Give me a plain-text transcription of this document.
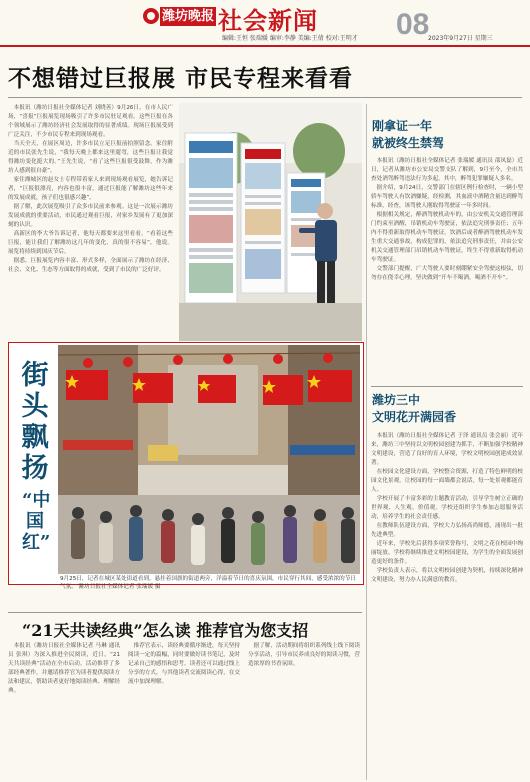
潍坊晚报 社会新闻	08
编辑:王恒 张瑞媛 编审:李静 美编:王倩 校对:王明才	2023年9月27日 星期三
不想错过巨报展 市民专程来看看

本报讯（潍坊日报社全媒体记者 刘晓善）9月26日，在市人民广场，“喜报”巨报展览现场吸引了许多市民驻足观看。这些巨报在各个领域展示了潍坊经济社会发展取得的显著成绩。现场巨报展受到广泛关注，不少市民专程来到现场观看。

当天全天，在展区周边，许多市民立足巨报前拍照留念。家住附近的市民张先生说，“我每天晚上都来这里遛弯，这些巨报让我觉得潍坊变化挺大的。”王先生说，“看了这些巨报很受鼓舞，作为潍坊人感到很自豪”。

家住潍城区的赵女士专程带着家人来到现场观看展览，她告诉记者，“巨报很漂亮，内容也很丰富，通过巨报能了解潍坊这些年来的发展成就，孩子们也很感兴趣”。

据了解，此次展览吸引了众多市民前来参观。这是一次展示潍坊发展成就的重要活动，市民通过观看巨报，对家乡发展有了更加深刻的认识。

高新区的李大爷告诉记者，他每天都要来这里看看。“看着这些巨报，能让我们了解潍坊这几年的变化，真的很不容易”，他说。展览将持续到国庆节后。

据悉，巨报展览内容丰富、形式多样，全面展示了潍坊在经济、社会、文化、生态等方面取得的成就，受到了市民的广泛好评。

刚拿证一年
就被终生禁驾

本报讯（潍坊日报社全媒体记者 张瑞媛 通讯员 邵凤磊）近日，记者从潍坊市公安局交警支队了解到，9月至今，全市共查处酒驾醉驾违法行为多起，其中，醉驾犯罪嫌疑人多名。

据介绍，9月24日，交警部门在辖区例行检查时，一辆小型轿车驾驶人有饮酒嫌疑，经检测，其血液中酒精含量达到醉驾标准。经查，该驾驶人刚取得驾驶证一年多时间。

根据相关规定，醉酒驾驶机动车的，由公安机关交通管理部门约束至酒醒，吊销机动车驾驶证，依法追究刑事责任；五年内不得重新取得机动车驾驶证。饮酒后或者醉酒驾驶机动车发生重大交通事故，构成犯罪的，依法追究刑事责任，并由公安机关交通管理部门吊销机动车驾驶证，终生不得重新取得机动车驾驶证。

交警部门提醒，广大驾驶人要时刻绷紧安全驾驶这根弦，切勿存在侥幸心理，坚决做到“开车不喝酒，喝酒不开车”。

潍坊三中
文明花开满园香

本报讯（潍坊日报社全媒体记者 于泽 通讯员 张会丽）近年来，潍坊三中坚持以文明校园创建为抓手，不断加强学校精神文明建设，营造了良好的育人环境，学校文明校园创建成效显著。

在校园文化建设方面，学校整合资源，打造了特色鲜明的校园文化景观，让校园的每一面墙都会说话，每一处景观都能育人。

学校开展了丰富多彩的主题教育活动，引导学生树立正确的世界观、人生观、价值观。学校还组织学生参加志愿服务活动，培养学生的社会责任感。

在教师队伍建设方面，学校大力弘扬高尚师德，涌现出一批先进典型。

近年来，学校先后获得多项荣誉称号，文明之花在校园中绚丽绽放。学校将继续推进文明校园建设，为学生的全面发展创造更好的条件。

学校负责人表示，将以文明校园创建为契机，持续深化精神文明建设，努力办人民满意的教育。

街
头
飘
扬
“中国红”
9月25日，记者在城区某处街道看到，悬挂着国旗的街道两旁，洋溢着节日的喜庆氛围，市民穿行其间，感受浓浓的节日气氛。 潍坊日报社全媒体记者 张瑞媛 摄
“21天共读经典”怎么读 推荐官为您支招

本报讯（潍坊日报社全媒体记者 马琳 通讯员 张琪）为深入推进全民阅读，近日，“21天共读经典”活动在全市启动。活动推荐了多部经典著作，并邀请推荐官为读者提供阅读方法和建议，帮助读者更好地阅读经典、理解经典。

推荐官表示，读经典要循序渐进，每天坚持阅读一定的篇幅，同时要做好读书笔记，及时记录自己的感悟和思考。读者还可以通过线上分享的方式，与其他读者交流阅读心得，在交流中加深理解。

据了解，活动期间将组织系列线上线下阅读分享活动，引导市民养成良好的阅读习惯，营造浓厚的书香氛围。
